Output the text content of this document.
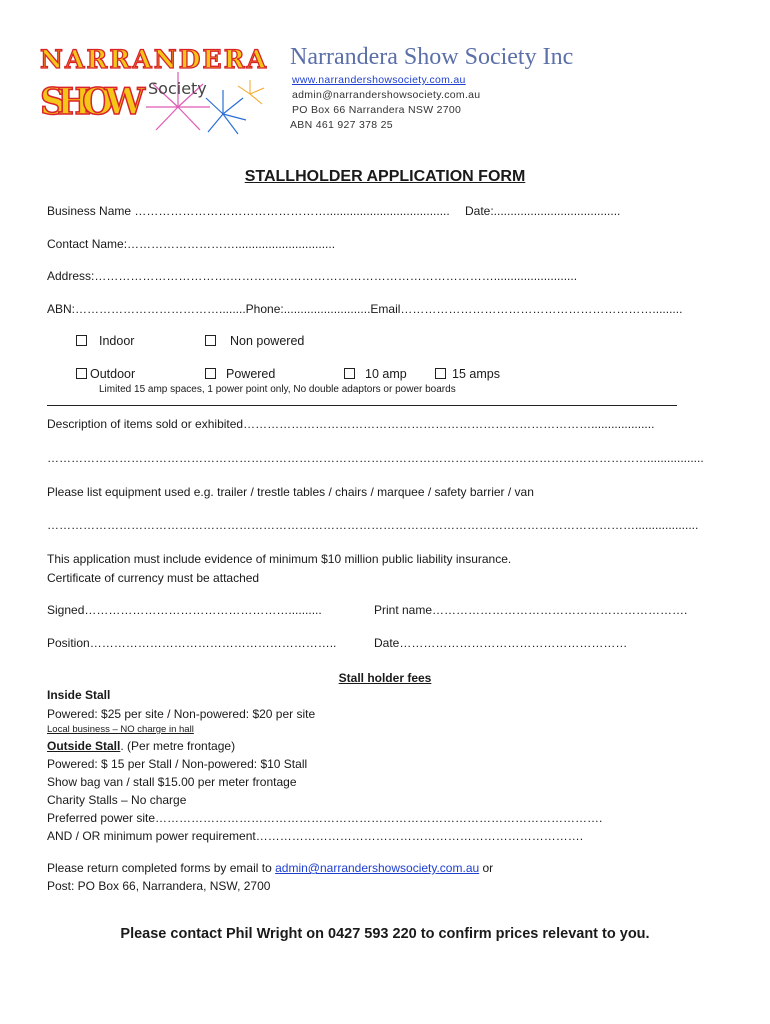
NARRANDERA
SHOW Society
Narrandera Show Society Inc
www.narrandershowsociety.com.au
admin@narrandershowsociety.com.au
PO Box 66 Narrandera NSW 2700
ABN 461 927 378 25
STALLHOLDER APPLICATION FORM
Business Name …………………………………………..................................... Date:......................................
Contact Name:………………………..............................
Address:…………………………….………………………………………………………….........................
ABN:………………………………........Phone:..........................Email……………………………………………………….........
Indoor	Non powered
Outdoor	Powered	10 amp	15 amps
Limited 15 amp spaces, 1 power point only, No double adaptors or power boards
Description of items sold or exhibited……………………………………………………………………………...................
…………………………………………………………………………………………………………………………………….................
Please list equipment used e.g. trailer / trestle tables / chairs / marquee / safety barrier / van
…………………………………………………………………………………………………………………………………...................
This application must include evidence of minimum $10 million public liability insurance.
Certificate of currency must be attached
Signed……………………………………………..........	Print name……………………………………………………….
Position……………………………………………………..	Date…………………………………………………
Stall holder fees
Inside Stall
Powered: $25 per site / Non-powered: $20 per site
Local business – NO charge in hall
Outside Stall. (Per metre frontage)
Powered: $ 15 per Stall / Non-powered: $10 Stall
Show bag van / stall $15.00 per meter frontage
Charity Stalls – No charge
Preferred power site………………………………………………………………………………………………….
AND / OR minimum power requirement……………………………………………………………………….
Please return completed forms by email to admin@narrandershowsociety.com.au or
Post: PO Box 66, Narrandera, NSW, 2700
Please contact Phil Wright on 0427 593 220 to confirm prices relevant to you.
